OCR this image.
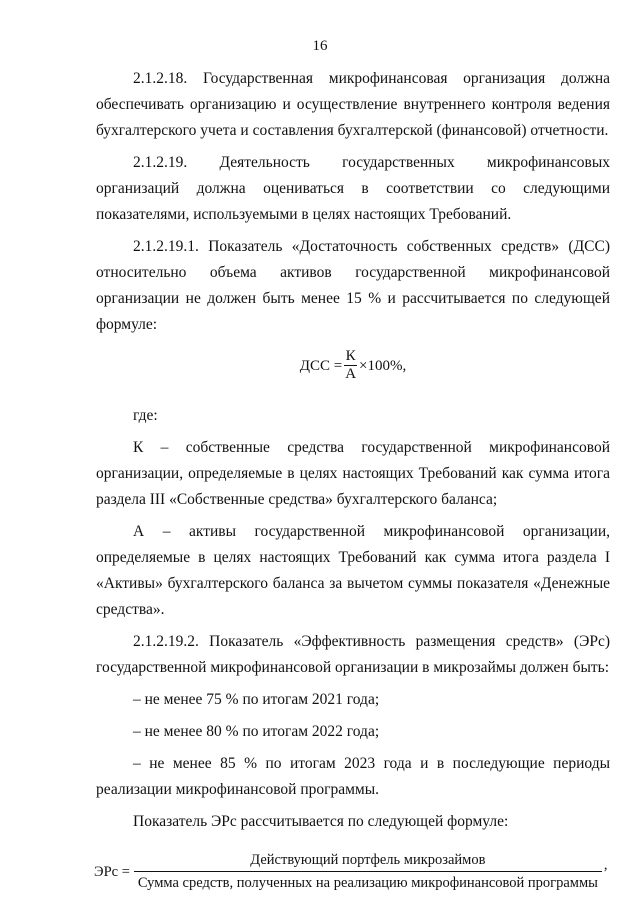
16

2.1.2.18. Государственная микрофинансовая организация должна обеспечивать организацию и осуществление внутреннего контроля ведения бухгалтерского учета и составления бухгалтерской (финансовой) отчетности.

2.1.2.19. Деятельность государственных микрофинансовых организаций должна оцениваться в соответствии со следующими показателями, используемыми в целях настоящих Требований.

2.1.2.19.1. Показатель «Достаточность собственных средств» (ДСС) относительно объема активов государственной микрофинансовой организации не должен быть менее 15 % и рассчитывается по следующей формуле:

ДСС = $\frac{К}{А} \times 100\%$,

где:

К – собственные средства государственной микрофинансовой организации, определяемые в целях настоящих Требований как сумма итога раздела III «Собственные средства» бухгалтерского баланса;

А – активы государственной микрофинансовой организации, определяемые в целях настоящих Требований как сумма итога раздела I «Активы» бухгалтерского баланса за вычетом суммы показателя «Денежные средства».

2.1.2.19.2. Показатель «Эффективность размещения средств» (ЭРс) государственной микрофинансовой организации в микрозаймы должен быть:

– не менее 75 % по итогам 2021 года;

– не менее 80 % по итогам 2022 года;

– не менее 85 % по итогам 2023 года и в последующие периоды реализации микрофинансовой программы.

Показатель ЭРс рассчитывается по следующей формуле:

ЭРс =
Действующий портфель микрозаймов
Сумма средств, полученных на реализацию микрофинансовой программы
,
